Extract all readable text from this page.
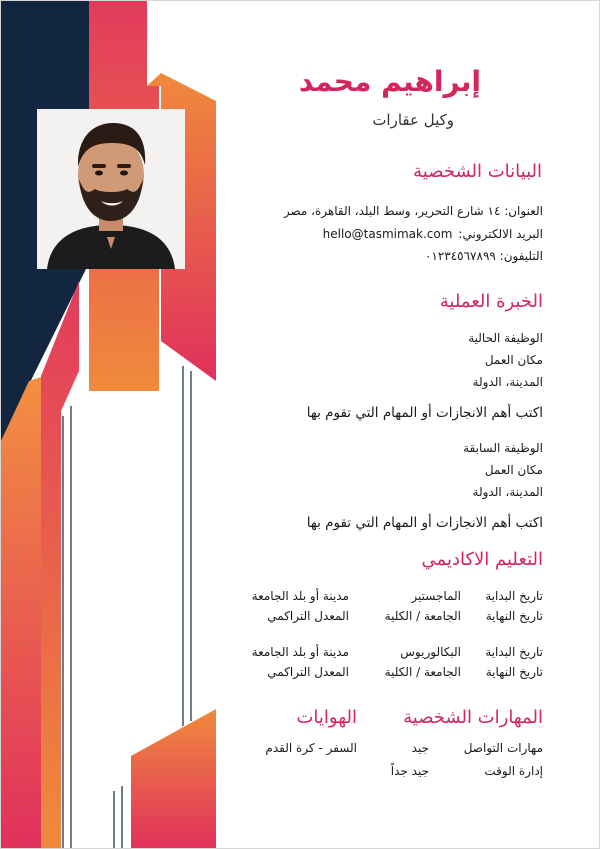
إبراهيم محمد
وكيل عقارات
البيانات الشخصية
العنوان: ١٤ شارع التحرير، وسط البلد، القاهرة، مصر
البريد الالكتروني:
hello@tasmimak.com
التليفون: ٠١٢٣٤٥٦٧٨٩٩
الخبرة العملية
الوظيفة الحالية
مكان العمل
المدينة، الدولة
اكتب أهم الانجازات أو المهام التي تقوم بها
الوظيفة السابقة
مكان العمل
المدينة، الدولة
اكتب أهم الانجازات أو المهام التي تقوم بها
التعليم الاكاديمي
تاريخ البداية
تاريخ النهاية
الماجستير
الجامعة / الكلية
مدينة أو بلد الجامعة
المعدل التراكمي
تاريخ البداية
تاريخ النهاية
البكالوريوس
الجامعة / الكلية
مدينة أو بلد الجامعة
المعدل التراكمي
المهارات الشخصية
مهارات التواصل
جيد
إدارة الوقت
جيد جداً
الهوايات
السفر - كرة القدم
